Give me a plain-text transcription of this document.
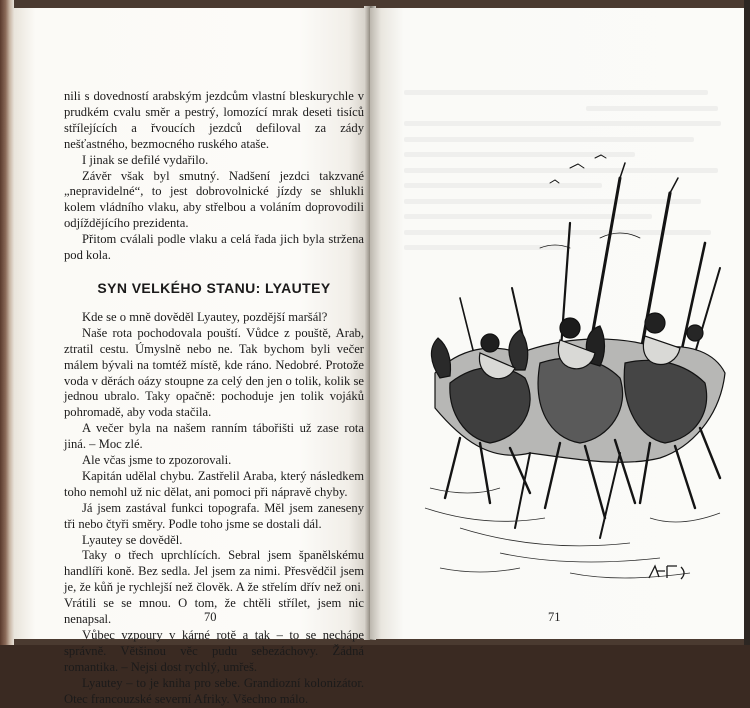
nili s dovedností arabským jezdcům vlastní bleskurychle v prudkém cvalu směr a pestrý, lomozící mrak deseti tisíců střílejících a řvoucích jezdců defiloval za zády nešťastného, bezmocného ruského ataše.

I jinak se defilé vydařilo.

Závěr však byl smutný. Nadšení jezdci takzvané „nepravidelné“, to jest dobrovolnické jízdy se shlukli kolem vládního vlaku, aby střelbou a voláním doprovodili odjíždějícího prezidenta.

Přitom cválali podle vlaku a celá řada jich byla stržena pod kola.

SYN VELKÉHO STANU: LYAUTEY

Kde se o mně dověděl Lyautey, pozdější maršál?

Naše rota pochodovala pouští. Vůdce z pouště, Arab, ztratil cestu. Úmyslně nebo ne. Tak bychom byli večer málem bývali na tomtéž místě, kde ráno. Nedobré. Protože voda v děrách oázy stoupne za celý den jen o tolik, kolik se jednou ubralo. Taky opačně: pochoduje jen tolik vojáků pohromadě, aby voda stačila.

A večer byla na našem ranním tábořišti už zase rota jiná. – Moc zlé.

Ale včas jsme to zpozorovali.

Kapitán udělal chybu. Zastřelil Araba, který následkem toho nemohl už nic dělat, ani pomoci při nápravě chyby.

Já jsem zastával funkci topografa. Měl jsem zaneseny tři nebo čtyři směry. Podle toho jsme se dostali dál.

Lyautey se dověděl.

Taky o třech uprchlících. Sebral jsem španělskému handlíři koně. Bez sedla. Jel jsem za nimi. Přesvědčil jsem je, že kůň je rychlejší než člověk. A že střelím dřív než oni. Vrátili se se mnou. O tom, že chtěli střílet, jsem nic nenapsal.

Vůbec vzpoury v kárné rotě a tak – to se nechápe správně. Většinou věc pudu sebezáchovy. Žádná romantika. – Nejsi dost rychlý, umřeš.

Lyautey – to je kniha pro sebe. Grandiozní kolonizátor. Otec francouzské severní Afriky. Všechno málo.

70	71
